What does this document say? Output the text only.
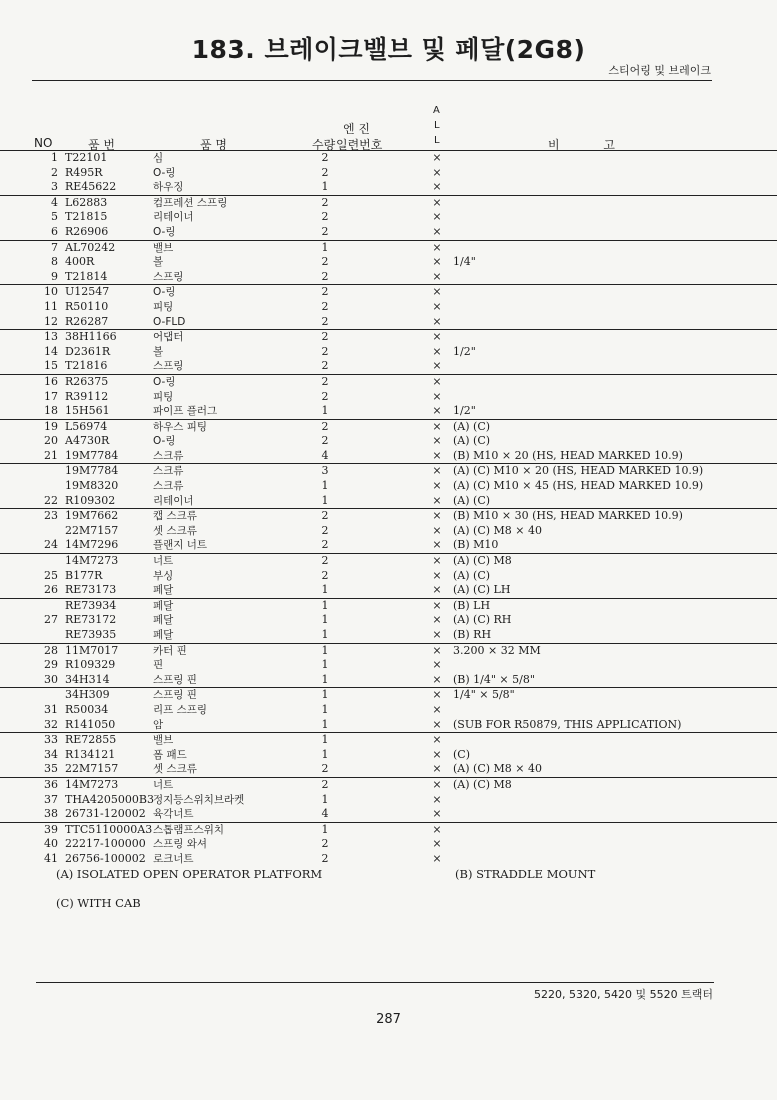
183. 브레이크밸브 및 페달(2G8)
스티어링 및 브레이크
NO	품 번	품 명	수량
엔 진
일련번호
A
L
L	비 고
1 T22101	심	2	×
2 R495R	O-링	2	×
3 RE45622	하우징	1	×
4 L62883	컴프레션 스프링	2	×
5 T21815	리테이너	2	×
6 R26906	O-링	2	×
7 AL70242	밸브	1	×
8 400R	볼	2	× 1/4"
9 T21814	스프링	2	×
10 U12547	O-링	2	×
11 R50110	피팅	2	×
12 R26287	O-FLD	2	×
13 38H1166	어댑터	2	×
14 D2361R	볼	2	× 1/2"
15 T21816	스프링	2	×
16 R26375	O-링	2	×
17 R39112	피팅	2	×
18 15H561	파이프 플러그	1	× 1/2"
19 L56974	하우스 피팅	2	× (A) (C)
20 A4730R	O-링	2	× (A) (C)
21 19M7784	스크류	4	× (B) M10 × 20 (HS, HEAD MARKED 10.9)
19M7784	스크류	3	× (A) (C) M10 × 20 (HS, HEAD MARKED 10.9)
19M8320	스크류	1	× (A) (C) M10 × 45 (HS, HEAD MARKED 10.9)
22 R109302	리테이너	1	× (A) (C)
23 19M7662	캡 스크류	2	× (B) M10 × 30 (HS, HEAD MARKED 10.9)
22M7157	셋 스크류	2	× (A) (C) M8 × 40
24 14M7296	플랜지 너트	2	× (B) M10
14M7273	너트	2	× (A) (C) M8
25 B177R	부싱	2	× (A) (C)
26 RE73173	페달	1	× (A) (C) LH
RE73934	페달	1	× (B) LH
27 RE73172	페달	1	× (A) (C) RH
RE73935	페달	1	× (B) RH
28 11M7017	카터 핀	1	× 3.200 × 32 MM
29 R109329	핀	1	×
30 34H314	스프링 핀	1	× (B) 1/4" × 5/8"
34H309	스프링 핀	1	× 1/4" × 5/8"
31 R50034	리프 스프링	1	×
32 R141050	암	1	× (SUB FOR R50879, THIS APPLICATION)
33 RE72855	밸브	1	×
34 R134121	폼 패드	1	× (C)
35 22M7157	셋 스크류	2	× (A) (C) M8 × 40
36 14M7273	너트	2	× (A) (C) M8
37 THA4205000B3 정지등스위치브라켓	1	×
38 26731-120002 육각너트	4	×
39 TTC5110000A3 스톱램프스위치	1	×
40 22217-100000 스프링 와셔	2	×
41 26756-100002 로크너트	2	×
(A) ISOLATED OPEN OPERATOR PLATFORM	(B) STRADDLE MOUNT
(C) WITH CAB
5220, 5320, 5420 및 5520 트랙터
287
